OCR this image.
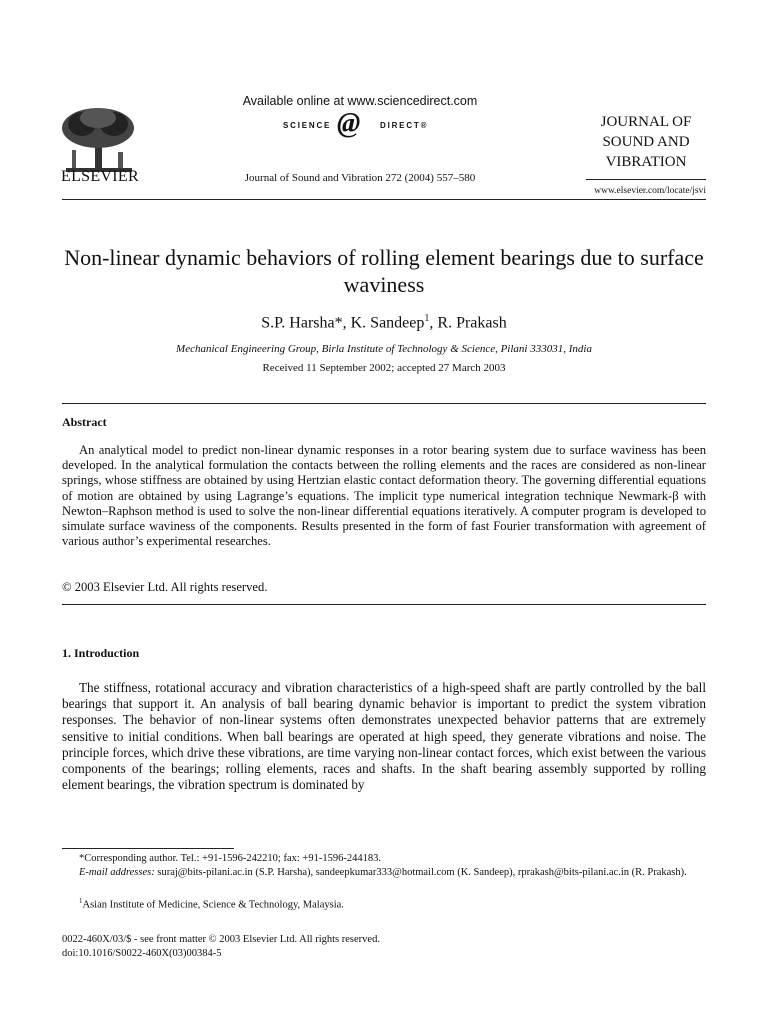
ELSEVIER
Available online at www.sciencedirect.com
SCIENCE @ DIRECT®
Journal of Sound and Vibration 272 (2004) 557–580
JOURNAL OF
SOUND AND
VIBRATION
www.elsevier.com/locate/jsvi
Non-linear dynamic behaviors of rolling element bearings due to surface waviness
S.P. Harsha*, K. Sandeep$^1$, R. Prakash
Mechanical Engineering Group, Birla Institute of Technology & Science, Pilani 333031, India
Received 11 September 2002; accepted 27 March 2003
Abstract
An analytical model to predict non-linear dynamic responses in a rotor bearing system due to surface waviness has been developed. In the analytical formulation the contacts between the rolling elements and the races are considered as non-linear springs, whose stiffness are obtained by using Hertzian elastic contact deformation theory. The governing differential equations of motion are obtained by using Lagrange’s equations. The implicit type numerical integration technique Newmark-β with Newton–Raphson method is used to solve the non-linear differential equations iteratively. A computer program is developed to simulate surface waviness of the components. Results presented in the form of fast Fourier transformation with agreement of various author’s experimental researches.
© 2003 Elsevier Ltd. All rights reserved.
1. Introduction
The stiffness, rotational accuracy and vibration characteristics of a high-speed shaft are partly controlled by the ball bearings that support it. An analysis of ball bearing dynamic behavior is important to predict the system vibration responses. The behavior of non-linear systems often demonstrates unexpected behavior patterns that are extremely sensitive to initial conditions. When ball bearings are operated at high speed, they generate vibrations and noise. The principle forces, which drive these vibrations, are time varying non-linear contact forces, which exist between the various components of the bearings; rolling elements, races and shafts. In the shaft bearing assembly supported by rolling element bearings, the vibration spectrum is dominated by
*Corresponding author. Tel.: +91-1596-242210; fax: +91-1596-244183.
E-mail addresses: suraj@bits-pilani.ac.in (S.P. Harsha), sandeepkumar333@hotmail.com (K. Sandeep), rprakash@bits-pilani.ac.in (R. Prakash).
$^1$Asian Institute of Medicine, Science & Technology, Malaysia.
0022-460X/03/$ - see front matter © 2003 Elsevier Ltd. All rights reserved.
doi:10.1016/S0022-460X(03)00384-5
